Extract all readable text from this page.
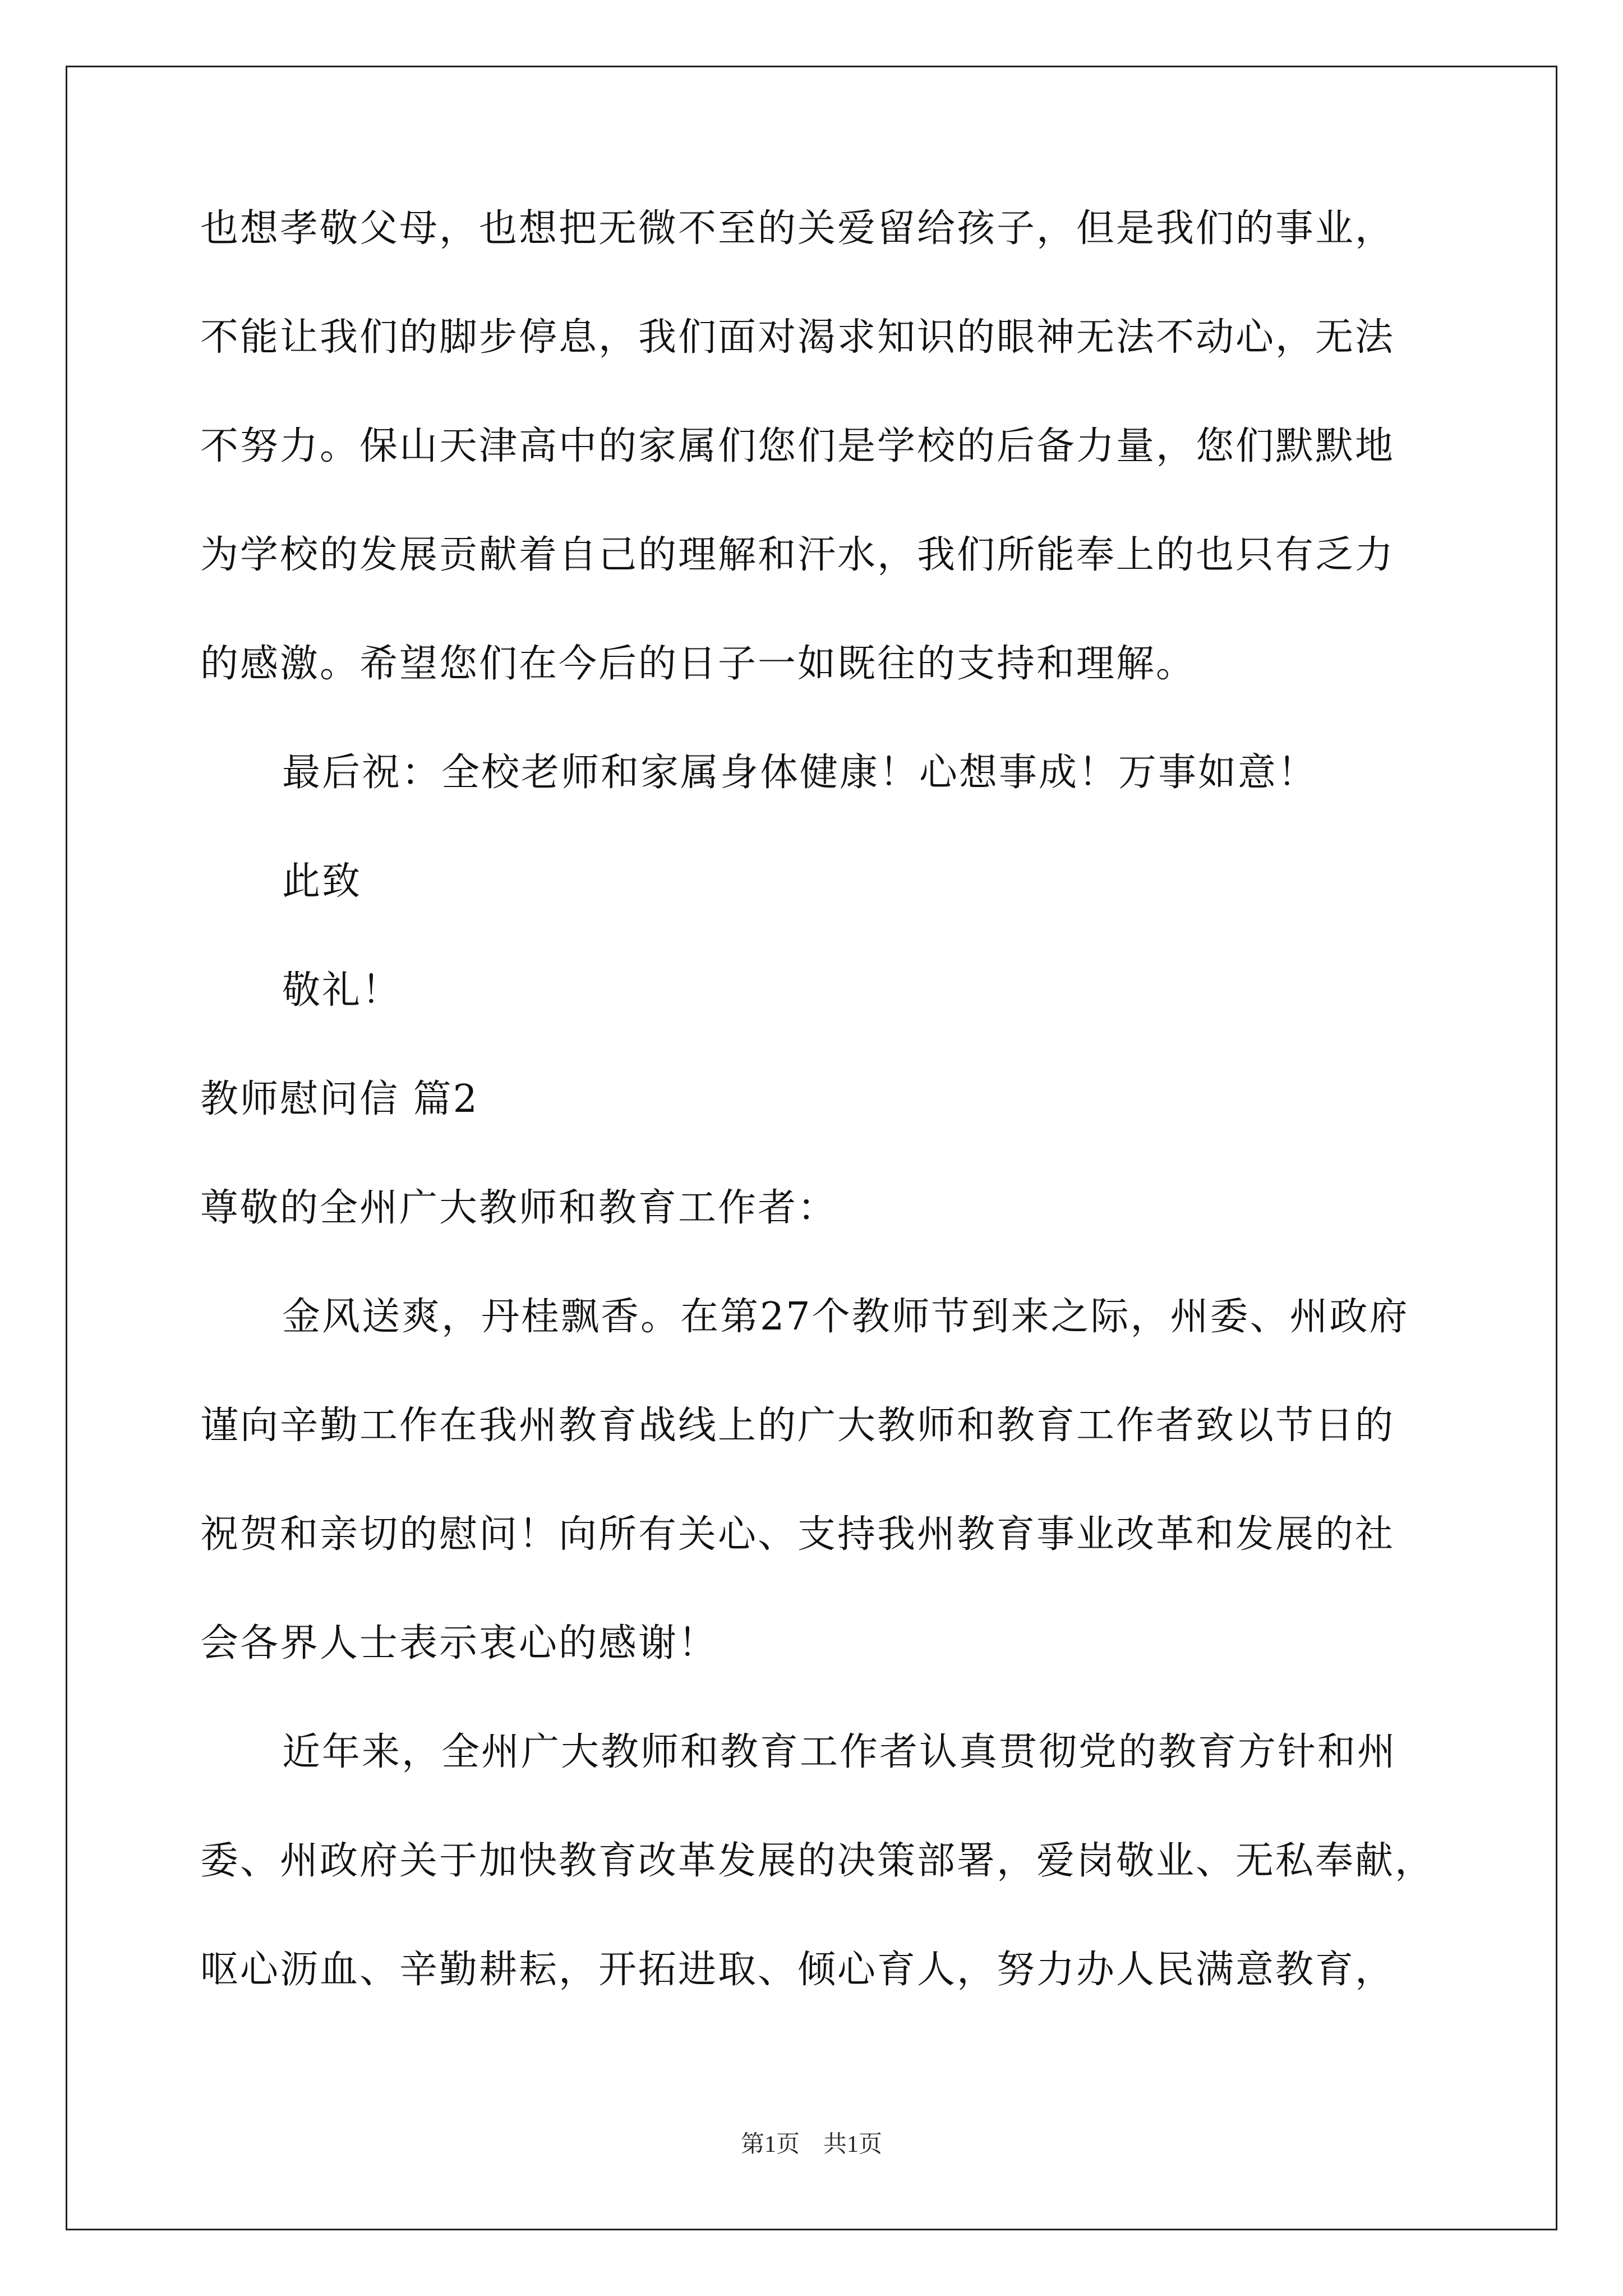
也想孝敬父母，也想把无微不至的关爱留给孩子，但是我们的事业，
不能让我们的脚步停息，我们面对渴求知识的眼神无法不动心，无法
不努力。保山天津高中的家属们您们是学校的后备力量，您们默默地
为学校的发展贡献着自己的理解和汗水，我们所能奉上的也只有乏力
的感激。希望您们在今后的日子一如既往的支持和理解。
最后祝：全校老师和家属身体健康！心想事成！万事如意！
此致
敬礼！
教师慰问信 篇2
尊敬的全州广大教师和教育工作者：
金风送爽，丹桂飘香。在第27个教师节到来之际，州委、州政府
谨向辛勤工作在我州教育战线上的广大教师和教育工作者致以节日的
祝贺和亲切的慰问！向所有关心、支持我州教育事业改革和发展的社
会各界人士表示衷心的感谢！
近年来，全州广大教师和教育工作者认真贯彻党的教育方针和州
委、州政府关于加快教育改革发展的决策部署，爱岗敬业、无私奉献，
呕心沥血、辛勤耕耘，开拓进取、倾心育人，努力办人民满意教育，
第1页　共1页
